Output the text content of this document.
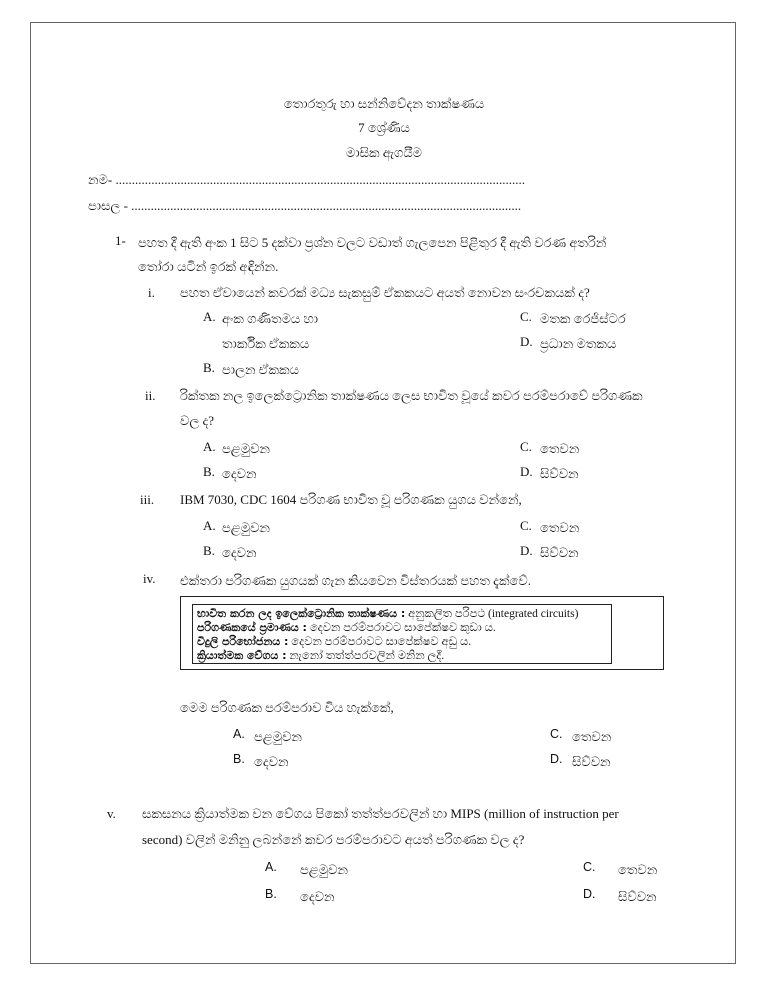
තොරතුරු හා සන්නිවේදන තාක්ෂණය
7 ශ්‍රේණිය
මාසික ඇගයීම
නම- ..............................................................................................................................
පාසල - ........................................................................................................................
1- පහත දී ඇති අංක 1 සිට 5 දක්වා ප්‍රශ්න වලට වඩාත් ගැලපෙන පිළිතුර දී ඇති වරණ අතරින්
තෝරා යටින් ඉරක් අඳින්න.
i. පහත ඒවායෙන් කවරක් මධ්‍ය සැකසුම් ඒකකයට අයත් නොවන සංරචකයක් ද?
A. අංක ගණිතමය හා
තාර්කික ඒකකය
B. පාලන ඒකකය
C. මතක රෙජිස්ටර
D. ප්‍රධාන මතකය
ii. රික්තක නල ඉලෙක්ට්‍රොනික තාක්ෂණය ලෙස භාවිත වූයේ කවර පරම්පරාවේ පරිගණක
වල ද?
A. පළමුවන
B. දෙවන
C. තෙවන
D. සිව්වන
iii. IBM 7030, CDC 1604 පරිගණ භාවිත වූ පරිගණක යුගය වන්නේ,
A. පළමුවන
B. දෙවන
C. තෙවන
D. සිව්වන
iv. එක්තරා පරිගණක යුගයක් ගැන කියවෙන විස්තරයක් පහත දැක්වේ.
භාවිත කරන ලද ඉලෙක්ට්‍රොනික තාක්ෂණය : අනුකලිත පරිපථ (integrated circuits)
පරිගණකයේ ප්‍රමාණය : දෙවන පරම්පරාවට සාපේක්ෂව කුඩා ය.
විදුලි පරිභෝජනය : දෙවන පරම්පරාවට සාපේක්ෂව අඩු ය.
ක්‍රියාත්මක වේගය : නැනෝ තත්ත්පරවලින් මනින ලදී.
මෙම පරිගණක පරම්පරාව විය හැක්කේ,
A. පළමුවන
B. දෙවන
C. තෙවන
D. සිව්වන
v. සකසනය ක්‍රියාත්මක වන වේගය පිකෝ තත්ත්පරවලින් හා MIPS (million of instruction per
second) වලින් මනිනු ලබන්නේ කවර පරම්පරාවට අයත් පරිගණක වල ද?
A. පළමුවන
B. දෙවන
C. තෙවන
D. සිව්වන
